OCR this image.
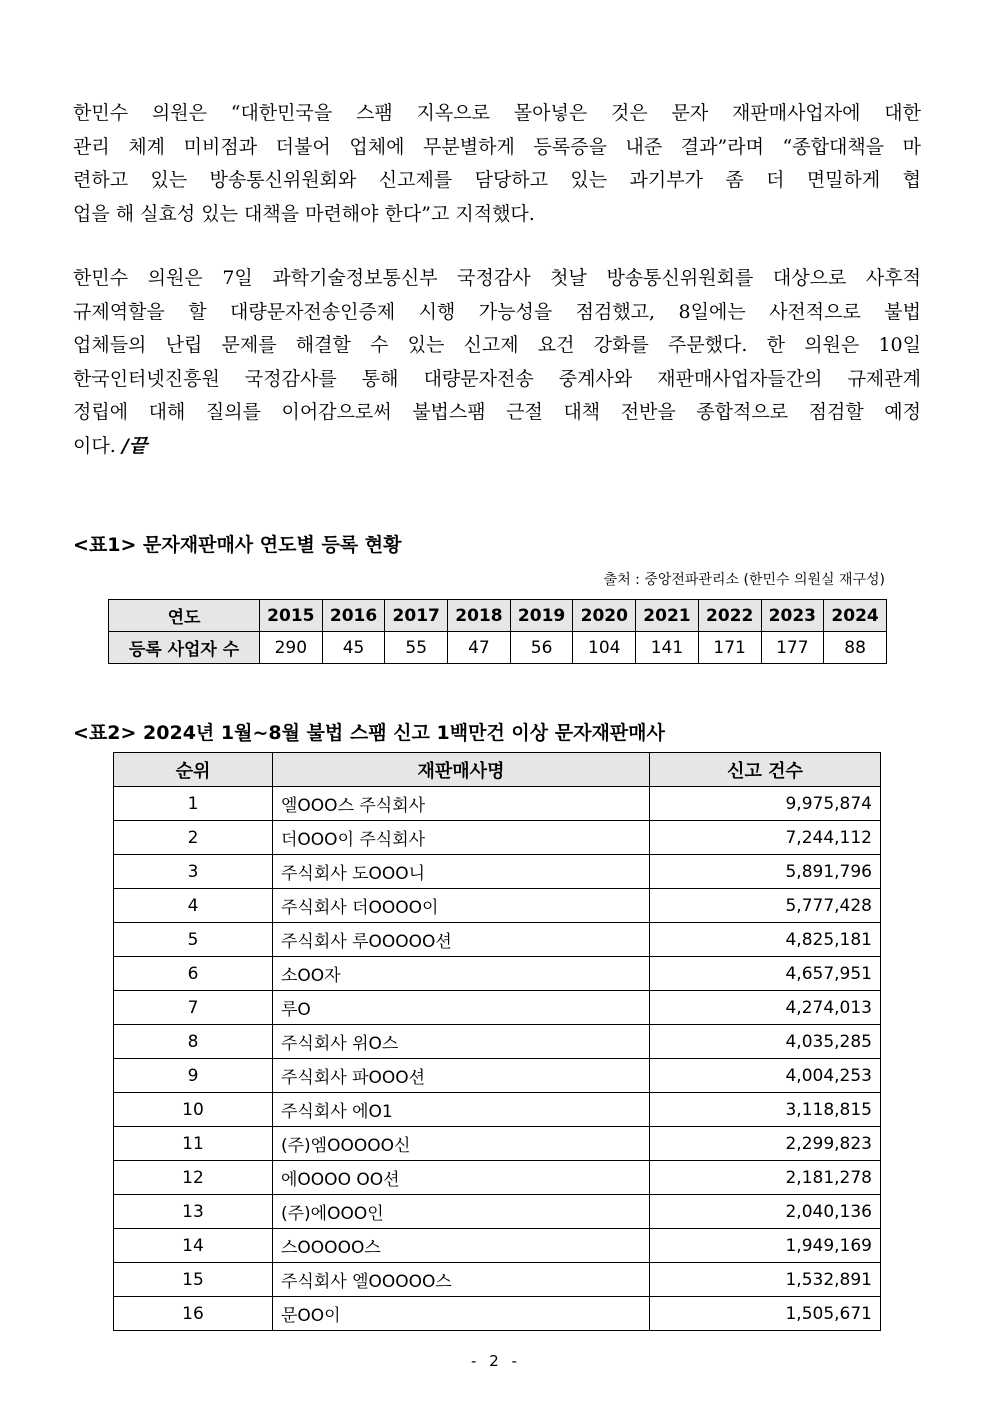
한민수 의원은 “대한민국을 스팸 지옥으로 몰아넣은 것은 문자 재판매사업자에 대한
관리 체계 미비점과 더불어 업체에 무분별하게 등록증을 내준 결과”라며 “종합대책을 마
련하고 있는 방송통신위원회와 신고제를 담당하고 있는 과기부가 좀 더 면밀하게 협
업을 해 실효성 있는 대책을 마련해야 한다”고 지적했다.
한민수 의원은 7일 과학기술정보통신부 국정감사 첫날 방송통신위원회를 대상으로 사후적
규제역할을 할 대량문자전송인증제 시행 가능성을 점검했고, 8일에는 사전적으로 불법
업체들의 난립 문제를 해결할 수 있는 신고제 요건 강화를 주문했다. 한 의원은 10일
한국인터넷진흥원 국정감사를 통해 대량문자전송 중계사와 재판매사업자들간의 규제관계
정립에 대해 질의를 이어감으로써 불법스팸 근절 대책 전반을 종합적으로 점검할 예정
이다. /끝
<표1> 문자재판매사 연도별 등록 현황
출처 : 중앙전파관리소 (한민수 의원실 재구성)
연도	2015	2016	2017	2018	2019	2020	2021	2022	2023	2024
등록 사업자 수	290	45	55	47	56	104	141	171	177	88
<표2> 2024년 1월~8월 불법 스팸 신고 1백만건 이상 문자재판매사
순위	재판매사명	신고 건수
1	엘OOO스 주식회사	9,975,874
2	더OOO이 주식회사	7,244,112
3	주식회사 도OOO니	5,891,796
4	주식회사 더OOOO이	5,777,428
5	주식회사 루OOOOO션	4,825,181
6	소OO자	4,657,951
7	루O	4,274,013
8	주식회사 위O스	4,035,285
9	주식회사 파OOO션	4,004,253
10	주식회사 에O1	3,118,815
11	(주)엠OOOOO신	2,299,823
12	에OOOO OO션	2,181,278
13	(주)에OOO인	2,040,136
14	스OOOOO스	1,949,169
15	주식회사 엘OOOOO스	1,532,891
16	문OO이	1,505,671
- 2 -
